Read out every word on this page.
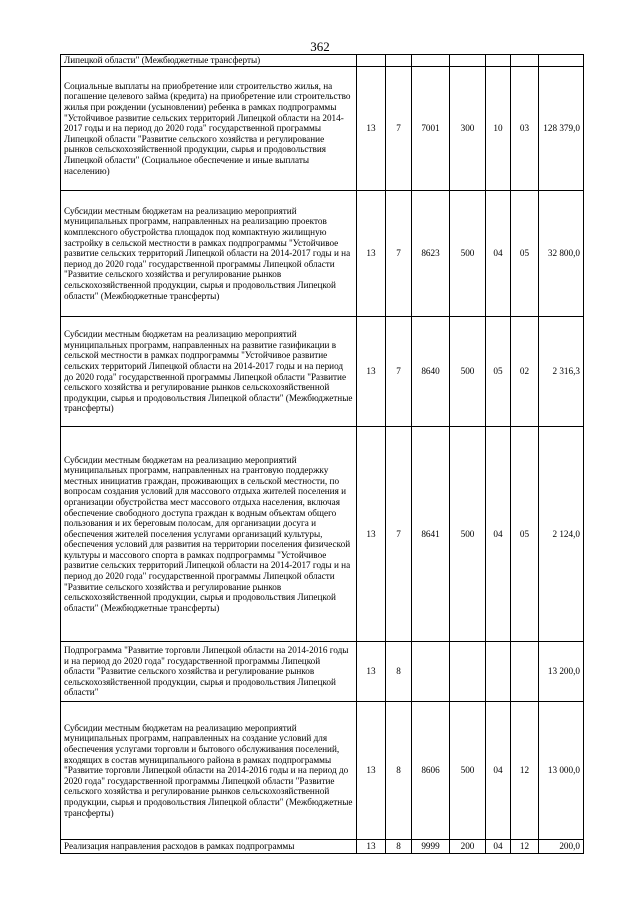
362
Липецкой области" (Межбюджетные трансферты)							
Социальные выплаты на приобретение или строительство жилья, на погашение целевого займа (кредита) на приобретение или строительство жилья при рождении (усыновлении) ребенка в рамках подпрограммы "Устойчивое развитие сельских территорий Липецкой области на 2014-2017 годы и на период до 2020 года" государственной программы Липецкой области "Развитие сельского хозяйства и регулирование рынков сельскохозяйственной продукции, сырья и продовольствия Липецкой области" (Социальное обеспечение и иные выплаты населению)	13	7	7001	300	10	03	128 379,0
Субсидии местным бюджетам на реализацию мероприятий муниципальных программ, направленных на реализацию проектов комплексного обустройства площадок под компактную жилищную застройку в сельской местности в рамках подпрограммы "Устойчивое развитие сельских территорий Липецкой области на 2014-2017 годы и на период до 2020 года" государственной программы Липецкой области "Развитие сельского хозяйства и регулирование рынков сельскохозяйственной продукции, сырья и продовольствия Липецкой области" (Межбюджетные трансферты)	13	7	8623	500	04	05	32 800,0
Субсидии местным бюджетам на реализацию мероприятий муниципальных программ, направленных на развитие газификации в сельской местности в рамках подпрограммы "Устойчивое развитие сельских территорий Липецкой области на 2014-2017 годы и на период до 2020 года" государственной программы Липецкой области "Развитие сельского хозяйства и регулирование рынков сельскохозяйственной продукции, сырья и продовольствия Липецкой области" (Межбюджетные трансферты)	13	7	8640	500	05	02	2 316,3
Субсидии местным бюджетам на реализацию мероприятий муниципальных программ, направленных на грантовую поддержку местных инициатив граждан, проживающих в сельской местности, по вопросам создания условий для массового отдыха жителей поселения и организации обустройства мест массового отдыха населения, включая обеспечение свободного доступа граждан к водным объектам общего пользования и их береговым полосам, для организации досуга и обеспечения жителей поселения услугами организаций культуры, обеспечения условий для развития на территории поселения физической культуры и массового спорта в рамках подпрограммы "Устойчивое развитие сельских территорий Липецкой области на 2014-2017 годы и на период до 2020 года" государственной программы Липецкой области "Развитие сельского хозяйства и регулирование рынков сельскохозяйственной продукции, сырья и продовольствия Липецкой области" (Межбюджетные трансферты)	13	7	8641	500	04	05	2 124,0
Подпрограмма "Развитие торговли Липецкой области на 2014-2016 годы и на период до 2020 года" государственной программы Липецкой области "Развитие сельского хозяйства и регулирование рынков сельскохозяйственной продукции, сырья и продовольствия Липецкой области"	13	8					13 200,0
Субсидии местным бюджетам на реализацию мероприятий муниципальных программ, направленных на создание условий для обеспечения услугами торговли и бытового обслуживания поселений, входящих в состав муниципального района в рамках подпрограммы "Развитие торговли Липецкой области на 2014-2016 годы и на период до 2020 года" государственной программы Липецкой области "Развитие сельского хозяйства и регулирование рынков сельскохозяйственной продукции, сырья и продовольствия Липецкой области" (Межбюджетные трансферты)	13	8	8606	500	04	12	13 000,0
Реализация направления расходов в рамках подпрограммы	13	8	9999	200	04	12	200,0
